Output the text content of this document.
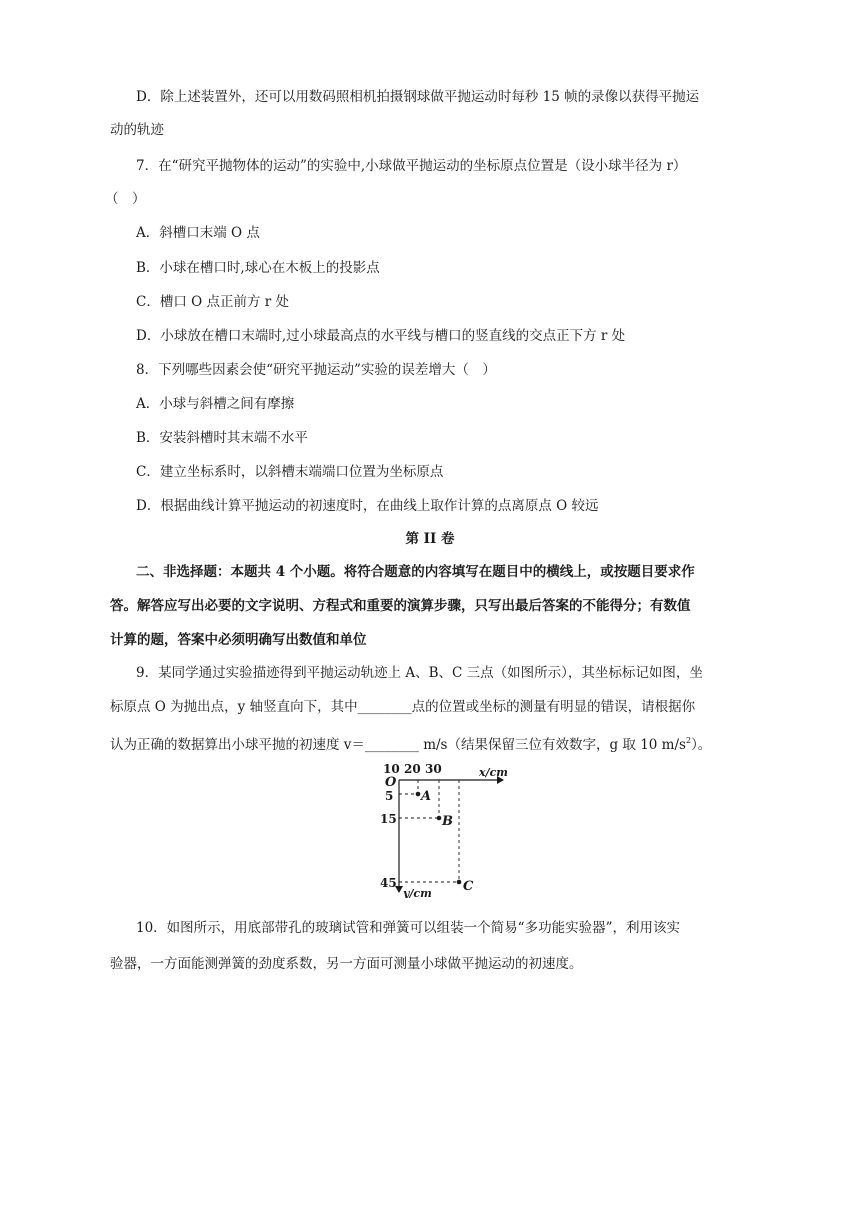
D．除上述装置外，还可以用数码照相机拍摄钢球做平抛运动时每秒 15 帧的录像以获得平抛运
动的轨迹
7．在“研究平抛物体的运动”的实验中,小球做平抛运动的坐标原点位置是（设小球半径为 r）
（　）
A．斜槽口末端 O 点
B．小球在槽口时,球心在木板上的投影点
C．槽口 O 点正前方 r 处
D．小球放在槽口末端时,过小球最高点的水平线与槽口的竖直线的交点正下方 r 处
8．下列哪些因素会使“研究平抛运动”实验的误差增大（　）
A．小球与斜槽之间有摩擦
B．安装斜槽时其末端不水平
C．建立坐标系时，以斜槽末端端口位置为坐标原点
D．根据曲线计算平抛运动的初速度时，在曲线上取作计算的点离原点 O 较远
第 II 卷
二、非选择题：本题共 4 个小题。将符合题意的内容填写在题目中的横线上，或按题目要求作
答。解答应写出必要的文字说明、方程式和重要的演算步骤，只写出最后答案的不能得分；有数值
计算的题，答案中必须明确写出数值和单位
9．某同学通过实验描迹得到平抛运动轨迹上 A、B、C 三点（如图所示），其坐标标记如图，坐
标原点 O 为抛出点，y 轴竖直向下，其中________点的位置或坐标的测量有明显的错误，请根据你
认为正确的数据算出小球平抛的初速度 v＝________ m/s（结果保留三位有效数字，g 取 10 $m/s^2$）。
O
x/cm
y/cm
10 20 30
5
15
45
A
B
C
10．如图所示，用底部带孔的玻璃试管和弹簧可以组装一个简易“多功能实验器”，利用该实
验器，一方面能测弹簧的劲度系数，另一方面可测量小球做平抛运动的初速度。
